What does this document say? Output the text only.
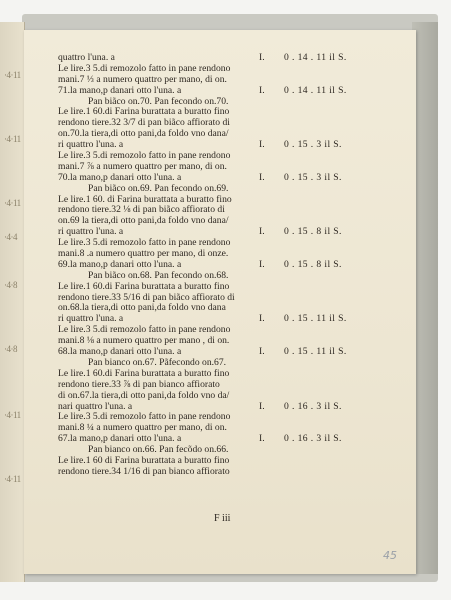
·4·11
·4·11
·4·11
·4·4
·4·8
·4·8
·4·11
·4·11
quattro l'una. a	I. 0 . 14 . 11 il S.
Le lire.3 5.di remozolo fatto in pane rendono
mani.7 ⅓ a numero quattro per mano, di on.
71.la mano,p danari otto l'una. a	I. 0 . 14 . 11 il S.
Pan biãco on.70. Pan fecondo on.70.
Le lire.1 60.di Farina burattata a buratto fino
rendono tiere.32 3/7 di pan biãco affiorato di
on.70.la tiera,di otto pani,da foldo vno dana/
ri quattro l'una. a	I. 0 . 15 . 3 il S.
Le lire.3 5.di remozolo fatto in pane rendono
mani.7 ⅞ a numero quattro per mano, di on.
70.la mano,p danari otto l'una. a	I. 0 . 15 . 3 il S.
Pan biãco on.69. Pan fecondo on.69.
Le lire.1 60. di Farina burattata a buratto fino
rendono tiere.32 ⅛ di pan biãco affiorato di
on.69 la tiera,di otto pani,da foldo vno dana/
ri quattro l'una. a	I. 0 . 15 . 8 il S.
Le lire.3 5.di remozolo fatto in pane rendono
mani.8 .a numero quattro per mano, di onze.
69.la mano,p danari otto l'una. a	I. 0 . 15 . 8 il S.
Pan biãco on.68. Pan fecondo on.68.
Le lire.1 60.di Farina burattata a buratto fino
rendono tiere.33 5/16 di pan biãco affiorato di
on.68.la tiera,di otto pani,da foldo vno dana
ri quattro l'una. a	I. 0 . 15 . 11 il S.
Le lire.3 5.di remozolo fatto in pane rendono
mani.8 ⅛ a numero quattro per mano , di on.
68.la mano,p danari otto l'una. a	I. 0 . 15 . 11 il S.
Pan bianco on.67. Pãfecondo on.67.
Le lire.1 60.di Farina burattata a buratto fino
rendono tiere.33 ⅞ di pan bianco affiorato
di on.67.la tiera,di otto pani,da foldo vno da/
nari quattro l'una. a	I. 0 . 16 . 3 il S.
Le lire.3 5.di remozolo fatto in pane rendono
mani.8 ¼ a numero quattro per mano, di on.
67.la mano,p danari otto l'una. a	I. 0 . 16 . 3 il S.
Pan bianco on.66. Pan fecõdo on.66.
Le lire.1 60 di Farina burattata a buratto fino
rendono tiere.34 1/16 di pan bianco affiorato
F iii
45
